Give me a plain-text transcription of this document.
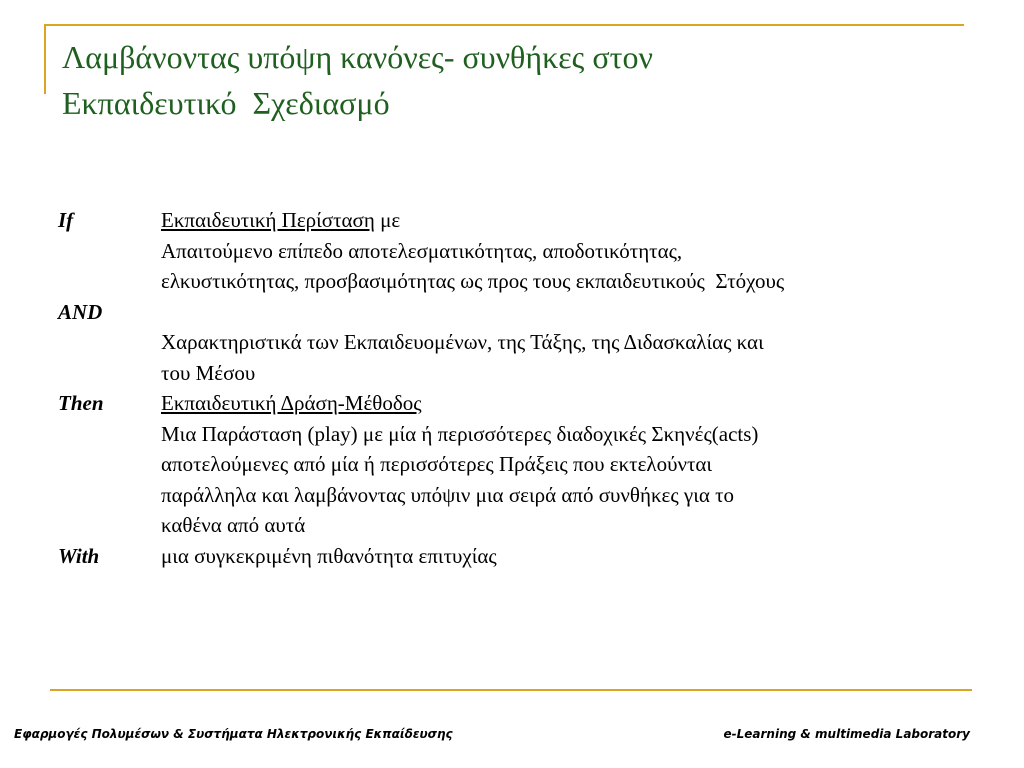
Λαμβάνοντας υπόψη κανόνες- συνθήκες στον
Εκπαιδευτικό  Σχεδιασμό
If	Εκπαιδευτική Περίσταση με
Απαιτούμενο επίπεδο αποτελεσματικότητας, αποδοτικότητας,
ελκυστικότητας, προσβασιμότητας ως προς τους εκπαιδευτικούς  Στόχους
AND
Χαρακτηριστικά των Εκπαιδευομένων, της Τάξης, της Διδασκαλίας και
του Μέσου
Then	Εκπαιδευτική Δράση-Μέθοδος
Μια Παράσταση (play) με μία ή περισσότερες διαδοχικές Σκηνές(acts)
αποτελούμενες από μία ή περισσότερες Πράξεις που εκτελούνται
παράλληλα και λαμβάνοντας υπόψιν μια σειρά από συνθήκες για το
καθένα από αυτά
With	μια συγκεκριμένη πιθανότητα επιτυχίας
Εφαρμογές Πολυμέσων & Συστήματα Ηλεκτρονικής Εκπαίδευσης	e-Learning & multimedia Laboratory
